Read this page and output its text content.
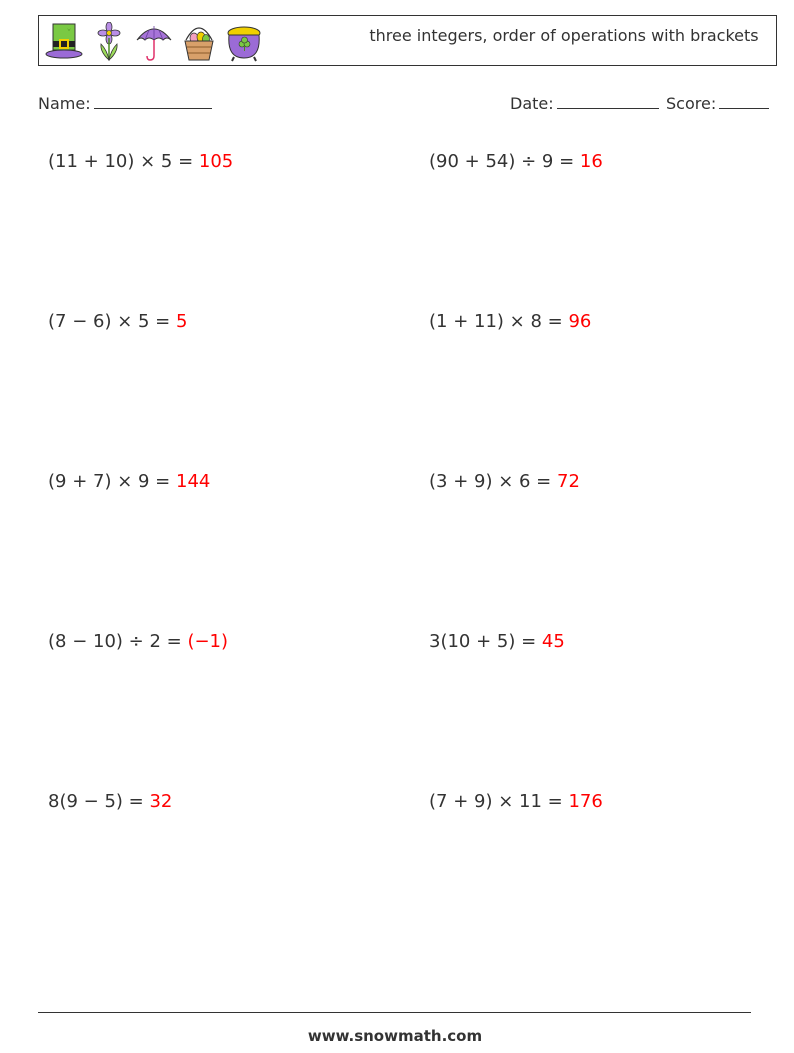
three integers, order of operations with brackets
Name:	Date:	Score:
(11 + 10) × 5 = 105	(90 + 54) ÷ 9 = 16
(7 − 6) × 5 = 5	(1 + 11) × 8 = 96
(9 + 7) × 9 = 144	(3 + 9) × 6 = 72
(8 − 10) ÷ 2 = (−1)	3(10 + 5) = 45
8(9 − 5) = 32	(7 + 9) × 11 = 176
www.snowmath.com
